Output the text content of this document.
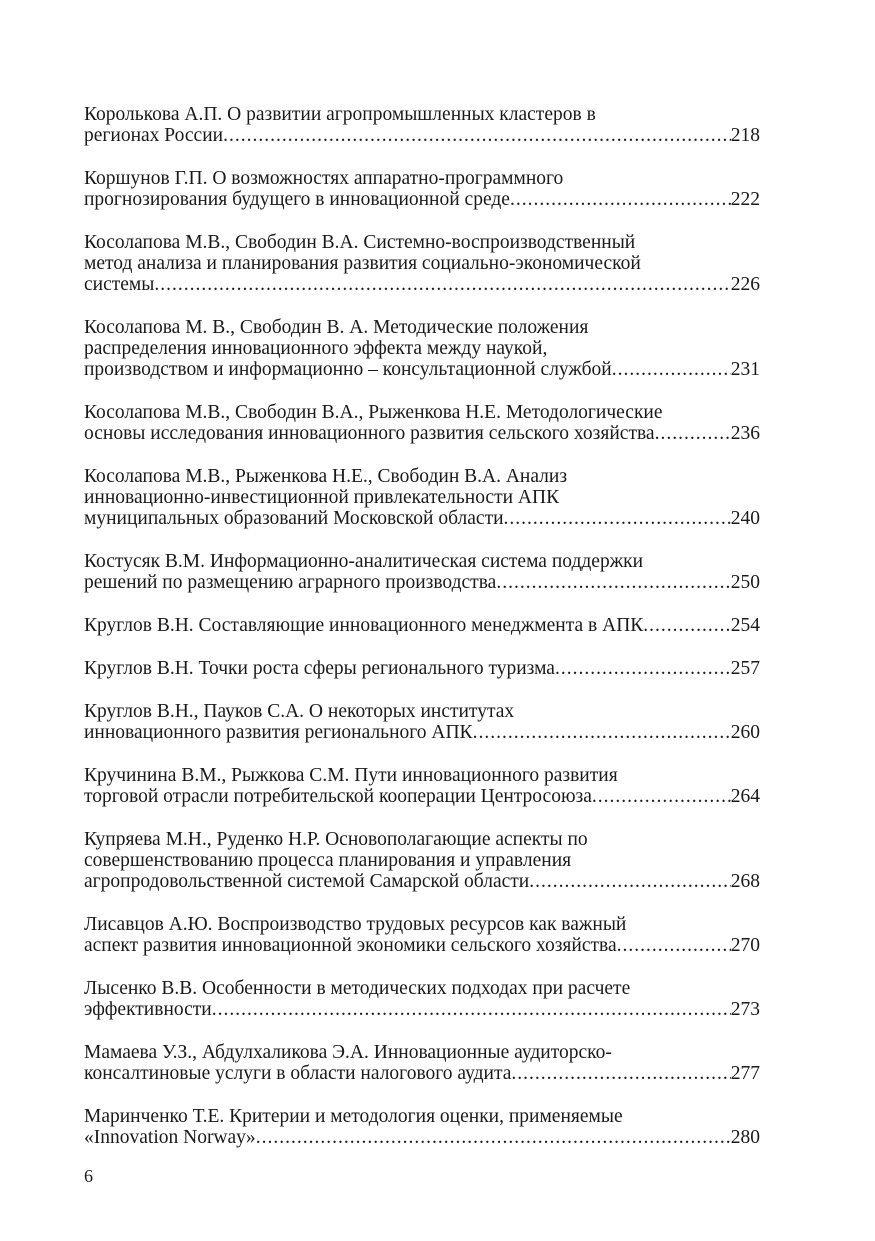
Королькова А.П. О развитии агропромышленных кластеров в
регионах России .....	218
Коршунов Г.П. О возможностях аппаратно-программного
прогнозирования будущего в инновационной среде .....	222
Косолапова М.В., Свободин В.А. Системно-воспроизводственный
метод анализа и планирования развития социально-экономической
системы .....	226
Косолапова М. В., Свободин В. А. Методические положения
распределения инновационного эффекта между наукой,
производством и информационно – консультационной службой .....	231
Косолапова М.В., Свободин В.А., Рыженкова Н.Е. Методологические
основы исследования инновационного развития сельского хозяйства .....	236
Косолапова М.В., Рыженкова Н.Е., Свободин В.А. Анализ
инновационно-инвестиционной привлекательности АПК
муниципальных образований Московской области .....	240
Костусяк В.М. Информационно-аналитическая система поддержки
решений по размещению аграрного производства .....	250
Круглов В.Н. Составляющие инновационного менеджмента в АПК .....	254
Круглов В.Н. Точки роста сферы регионального туризма .....	257
Круглов В.Н., Пауков С.А. О некоторых институтах
инновационного развития регионального АПК .....	260
Кручинина В.М., Рыжкова С.М. Пути инновационного развития
торговой отрасли потребительской кооперации Центросоюза .....	264
Купряева М.Н., Руденко Н.Р. Основополагающие аспекты по
совершенствованию процесса планирования и управления
агропродовольственной системой Самарской области .....	268
Лисавцов А.Ю. Воспроизводство трудовых ресурсов как важный
аспект развития инновационной экономики сельского хозяйства .....	270
Лысенко В.В. Особенности в методических подходах при расчете
эффективности .....	273
Мамаева У.З., Абдулхаликова Э.А. Инновационные аудиторско-
консалтиновые услуги в области налогового аудита .....	277
Маринченко Т.Е. Критерии и методология оценки, применяемые
«Innovation Norway» .....	280
6
